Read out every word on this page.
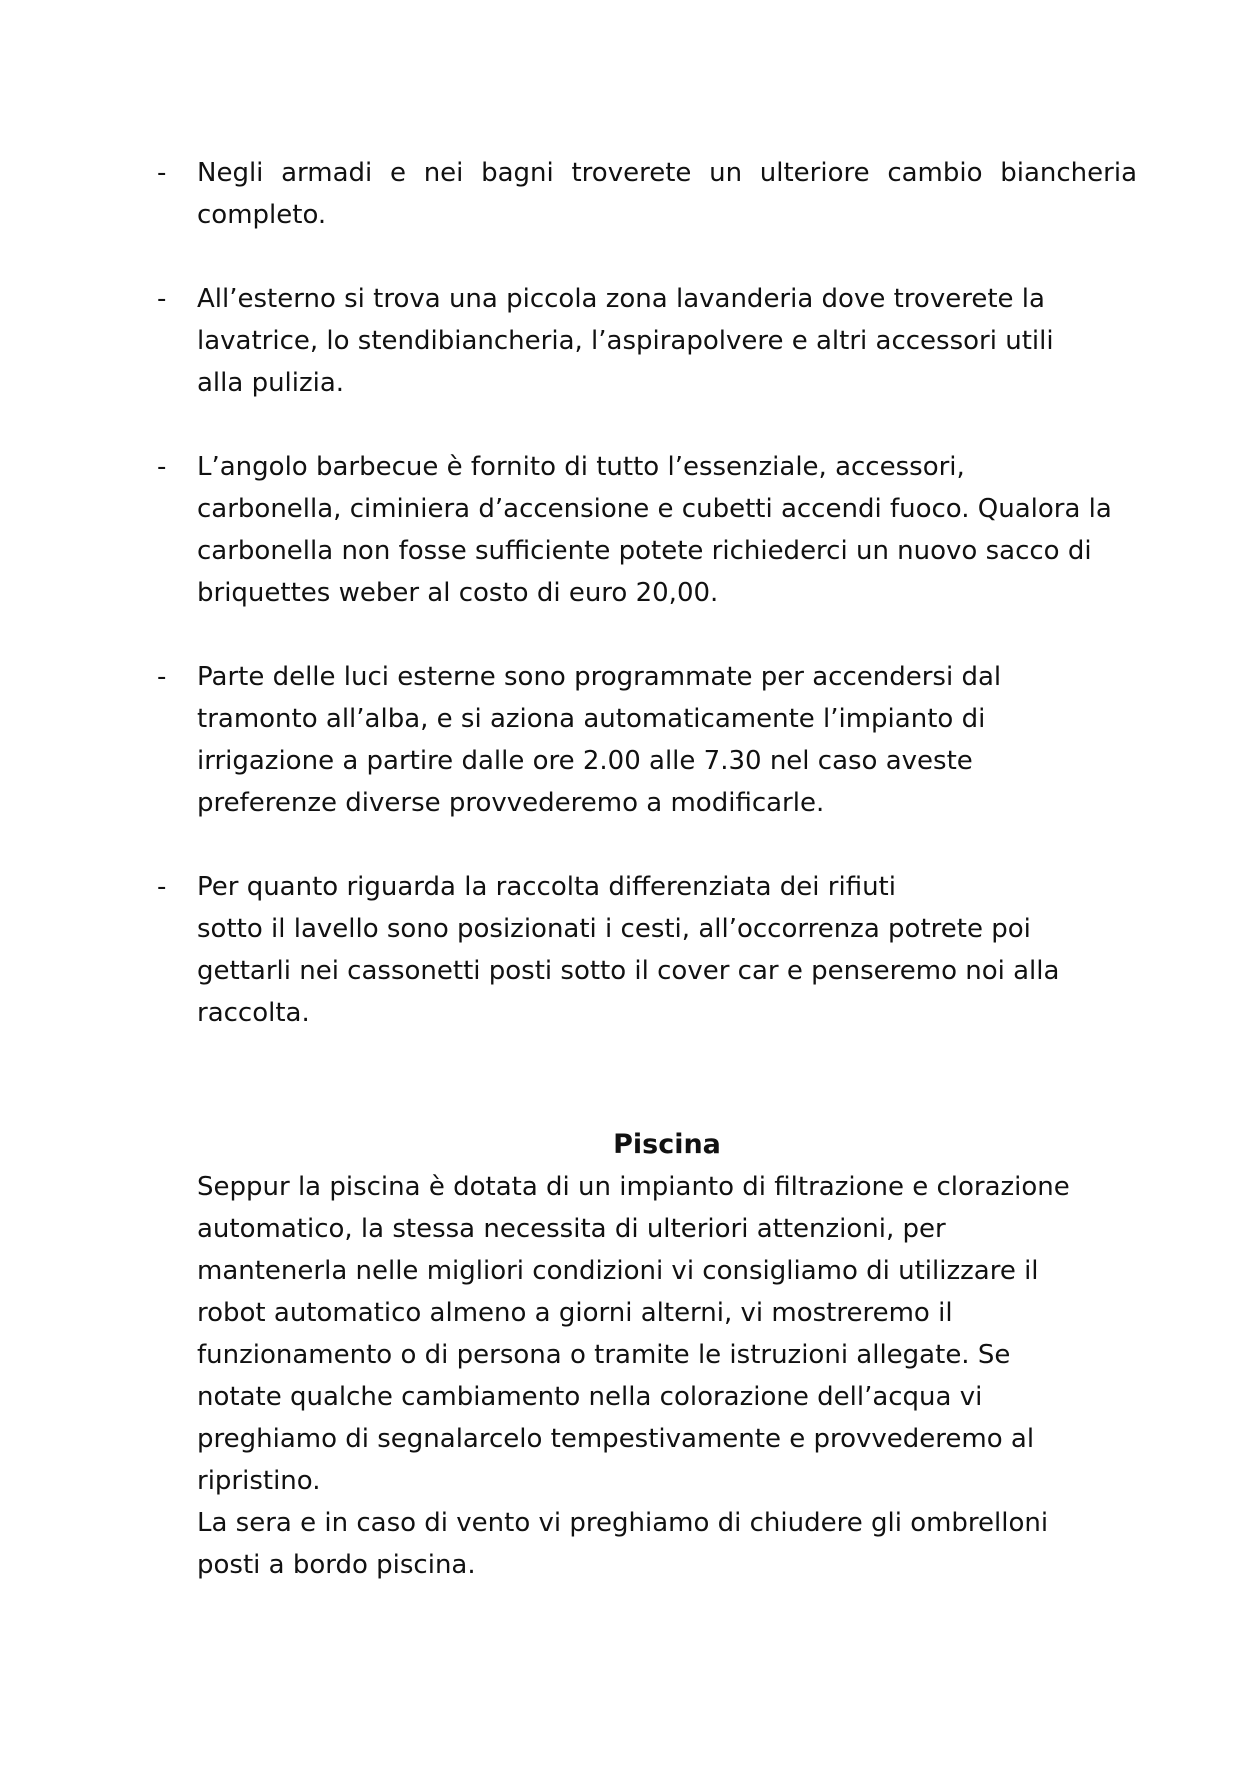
-	Negli armadi e nei bagni troverete un ulteriore cambio biancheria
completo.
-	All’esterno si trova una piccola zona lavanderia dove troverete la
lavatrice, lo stendibiancheria, l’aspirapolvere e altri accessori utili
alla pulizia.
-	L’angolo barbecue è fornito di tutto l’essenziale, accessori,
carbonella, ciminiera d’accensione e cubetti accendi fuoco. Qualora la
carbonella non fosse sufficiente potete richiederci un nuovo sacco di
briquettes weber al costo di euro 20,00.
-	Parte delle luci esterne sono programmate per accendersi dal
tramonto all’alba, e si aziona automaticamente l’impianto di
irrigazione a partire dalle ore 2.00 alle 7.30 nel caso aveste
preferenze diverse provvederemo a modificarle.
-	Per quanto riguarda la raccolta differenziata dei rifiuti
sotto il lavello sono posizionati i cesti, all’occorrenza potrete poi
gettarli nei cassonetti posti sotto il cover car e penseremo noi alla
raccolta.
Piscina
Seppur la piscina è dotata di un impianto di filtrazione e clorazione
automatico, la stessa necessita di ulteriori attenzioni, per
mantenerla nelle migliori condizioni vi consigliamo di utilizzare il
robot automatico almeno a giorni alterni, vi mostreremo il
funzionamento o di persona o tramite le istruzioni allegate. Se
notate qualche cambiamento nella colorazione dell’acqua vi
preghiamo di segnalarcelo tempestivamente e provvederemo al
ripristino.
La sera e in caso di vento vi preghiamo di chiudere gli ombrelloni
posti a bordo piscina.
